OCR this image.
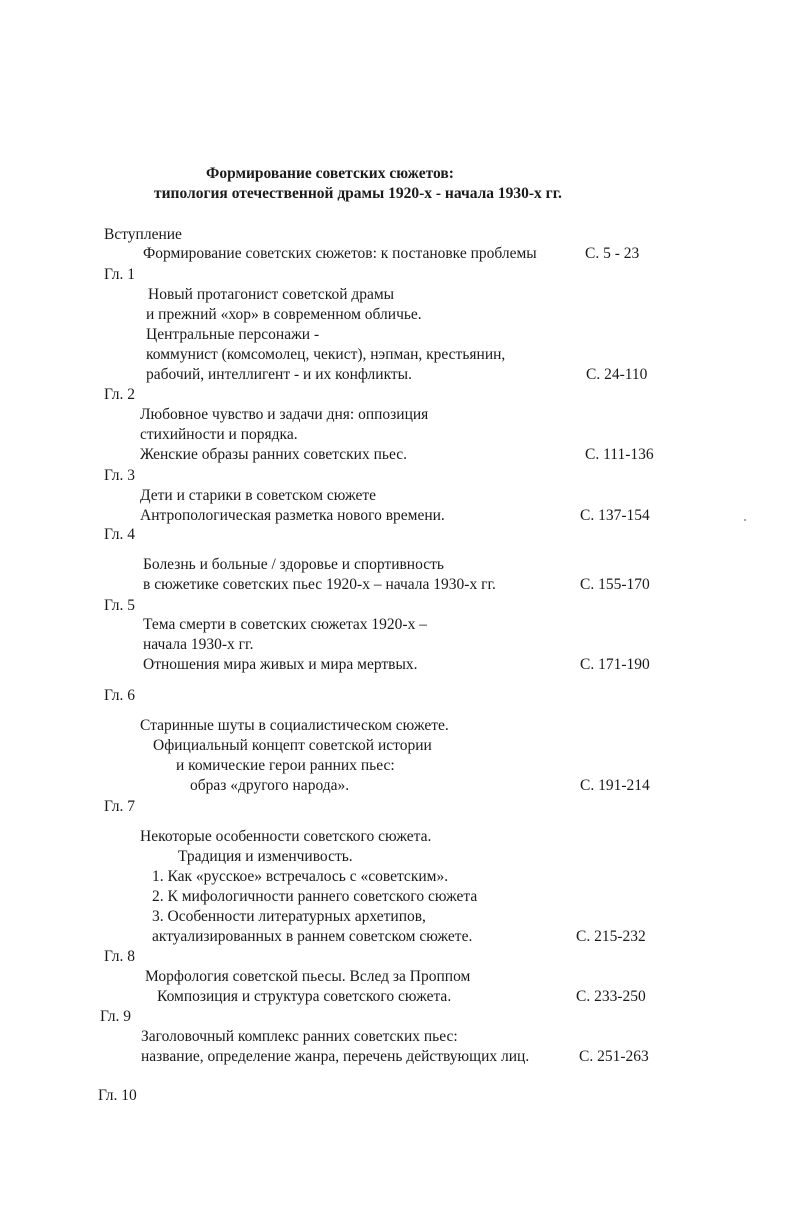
Формирование советских сюжетов:
типология отечественной драмы 1920-х - начала 1930-х гг.
Вступление
Формирование советских сюжетов: к постановке проблемы	С. 5 - 23
Гл. 1
Новый протагонист советской драмы
и прежний «хор» в современном обличье.
Центральные персонажи -
коммунист (комсомолец, чекист), нэпман, крестьянин,
рабочий, интеллигент - и их конфликты.	С. 24-110
Гл. 2
Любовное чувство и задачи дня: оппозиция
стихийности и порядка.
Женские образы ранних советских пьес.	С. 111-136
Гл. 3
Дети и старики в советском сюжете
Антропологическая разметка нового времени.	С. 137-154
Гл. 4
Болезнь и больные / здоровье и спортивность
в сюжетике советских пьес 1920-х – начала 1930-х гг.	С. 155-170
Гл. 5
Тема смерти в советских сюжетах 1920-х –
начала 1930-х гг.
Отношения мира живых и мира мертвых.	С. 171-190
Гл. 6
Старинные шуты в социалистическом сюжете.
Официальный концепт советской истории
и комические герои ранних пьес:
образ «другого народа».	С. 191-214
Гл. 7
Некоторые особенности советского сюжета.
Традиция и изменчивость.
1. Как «русское» встречалось с «советским».
2. К мифологичности раннего советского сюжета
3. Особенности литературных архетипов,
актуализированных в раннем советском сюжете.	С. 215-232
Гл. 8
Морфология советской пьесы. Вслед за Проппом
Композиция и структура советского сюжета.	С. 233-250
Гл. 9
Заголовочный комплекс ранних советских пьес:
название, определение жанра, перечень действующих лиц.	С. 251-263
Гл. 10
